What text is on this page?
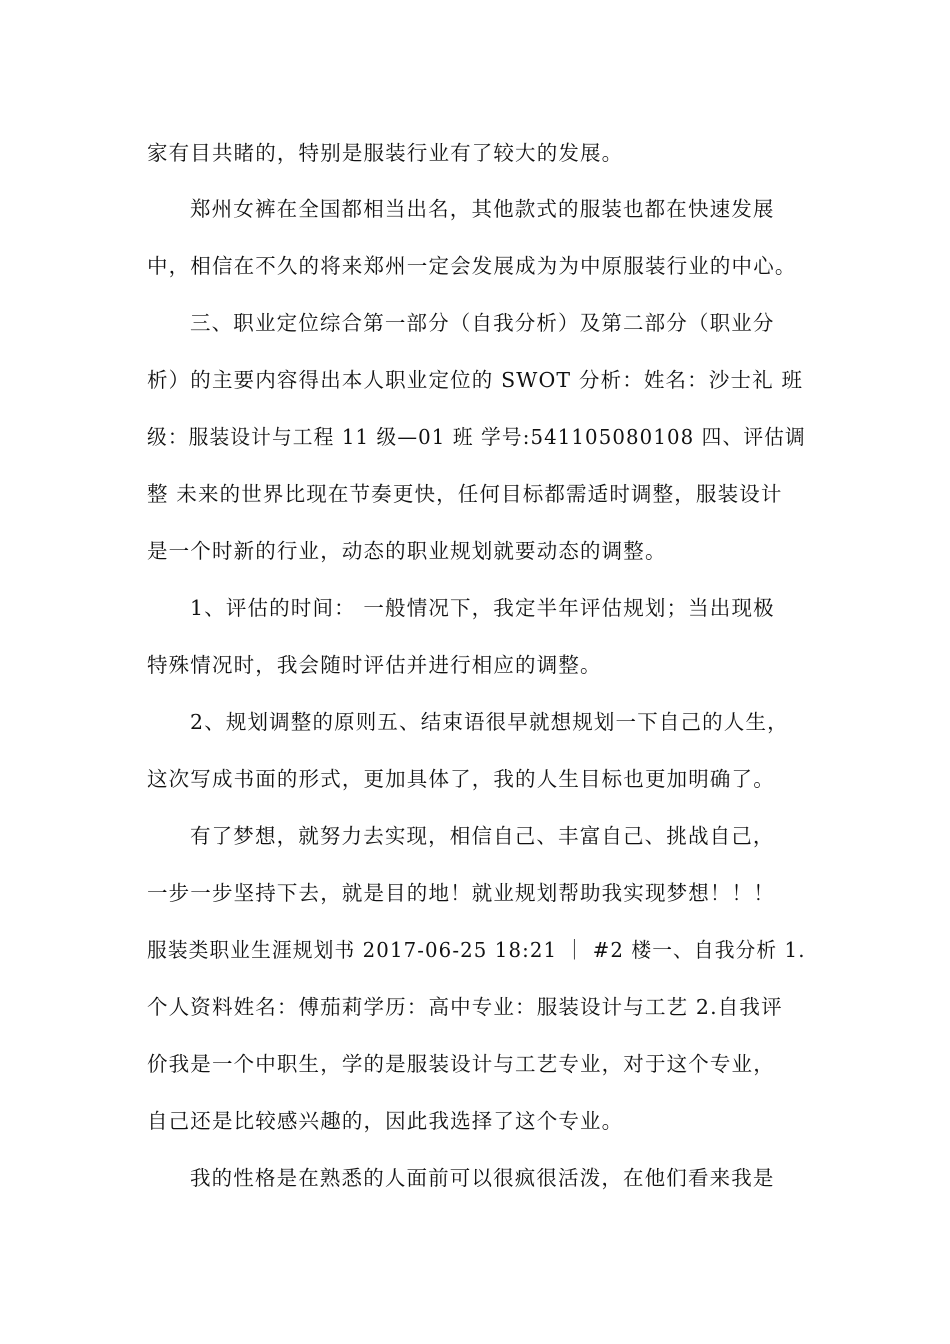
家有目共睹的，特别是服装行业有了较大的发展。
郑州女裤在全国都相当出名，其他款式的服装也都在快速发展
中，相信在不久的将来郑州一定会发展成为为中原服装行业的中心。
三、职业定位综合第一部分（自我分析）及第二部分（职业分
析）的主要内容得出本人职业定位的 SWOT 分析：姓名：沙士礼 班
级：服装设计与工程 11 级—01 班 学号:541105080108 四、评估调
整 未来的世界比现在节奏更快，任何目标都需适时调整，服装设计
是一个时新的行业，动态的职业规划就要动态的调整。
1、评估的时间： 一般情况下，我定半年评估规划；当出现极
特殊情况时，我会随时评估并进行相应的调整。
2、规划调整的原则五、结束语很早就想规划一下自己的人生，
这次写成书面的形式，更加具体了，我的人生目标也更加明确了。
有了梦想，就努力去实现，相信自己、丰富自己、挑战自己，
一步一步坚持下去，就是目的地！就业规划帮助我实现梦想！！！
服装类职业生涯规划书 2017-06-25 18:21 ｜ #2 楼一、自我分析 1.
个人资料姓名：傅茄莉学历：高中专业：服装设计与工艺 2.自我评
价我是一个中职生，学的是服装设计与工艺专业，对于这个专业，
自己还是比较感兴趣的，因此我选择了这个专业。
我的性格是在熟悉的人面前可以很疯很活泼，在他们看来我是
